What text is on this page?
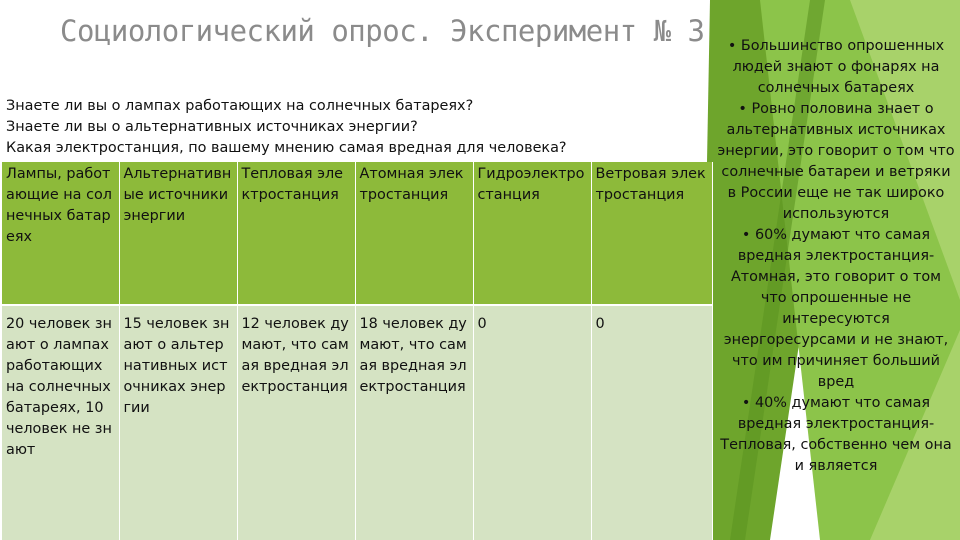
Социологический опрос. Эксперимент № 3
Знаете ли вы о лампах работающих на солнечных батареях?
Знаете ли вы о альтернативных источниках энергии?
Какая электростанция, по вашему мнению самая вредная для человека?
Лампы, работающие на солнечных батареях	Альтернативные источники энергии	Тепловая электростанция	Атомная электростанция	Гидроэлектростанция	Ветровая электростанция
20 человек знают о лампах работающих на солнечных батареях, 10 человек не знают	15 человек знают о альтернативных источниках энергии	12 человек думают, что самая вредная электростанция	18 человек думают, что самая вредная электростанция	0	0
• Большинство опрошенных людей знают о фонарях на солнечных батареях
• Ровно половина знает о альтернативных источниках энергии, это говорит о том что солнечные батареи и ветряки в России еще не так широко используются
• 60% думают что самая вредная электростанция-Атомная, это говорит о том что опрошенные не интересуются энергоресурсами и не знают, что им причиняет больший вред
• 40% думают что самая вредная электростанция-Тепловая, собственно чем она и является
